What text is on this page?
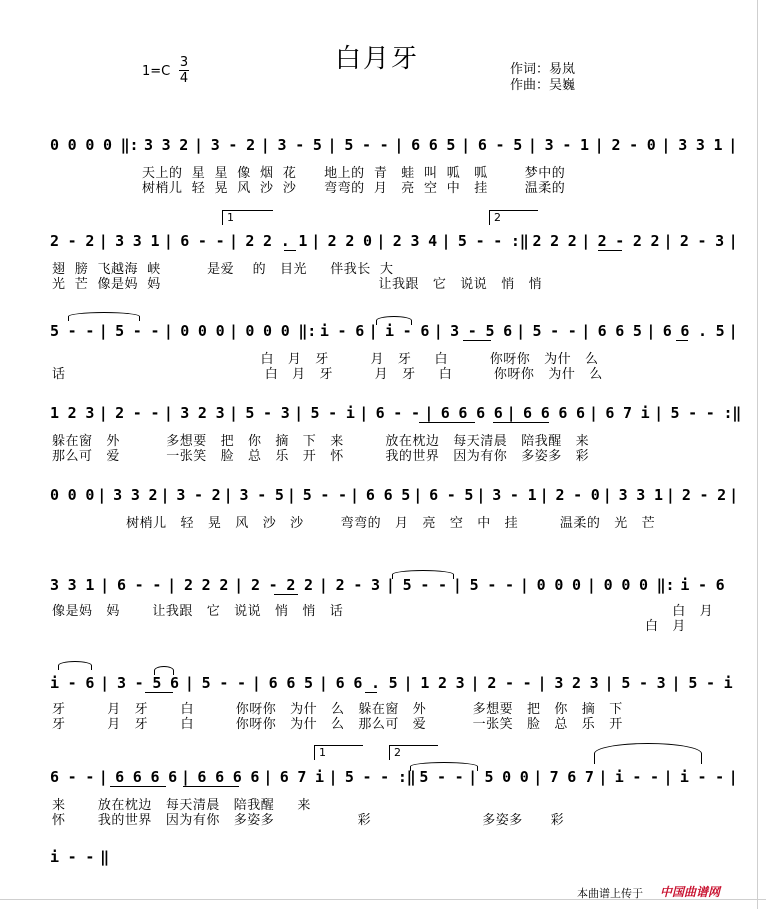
白月牙
1=C
3
4
作词：易岚
作曲：吴巍
0 0 0 0 ‖: 3 3 2 | 3 - 2 | 3 - 5 | 5 - - | 6 6 5 | 6 - 5 | 3 - 1 | 2 - 0 | 3 3 1 |
天上的  星  星  像  烟  花      地上的  青   蛙  叫  呱   呱        梦中的
树梢儿  轻  晃  风  沙  沙      弯弯的  月   亮  空  中   挂        温柔的
1	2
2 - 2 | 3 3 1 | 6 - - | 2 2 . 1 | 2 2 0 | 2 3 4 | 5 - - :‖ 2 2 2 | 2 - 2 2 | 2 - 3 |
翅  膀  飞越海  峡          是爱    的   目光     伴我长  大
光  芒  像是妈  妈                                               让我跟   它   说说   悄   悄
5 - - | 5 - - | 0 0 0 | 0 0 0 ‖: i - 6 | i - 6 | 3 - 5 6 | 5 - - | 6 6 5 | 6 6 . 5 |
白   月   牙         月   牙     白         你呀你   为什   么
话                                           白   月   牙         月   牙     白         你呀你   为什   么
1 2 3 | 2 - - | 3 2 3 | 5 - 3 | 5 - i | 6 - - | 6 6 6 6 | 6 6 6 6 | 6 7 i | 5 - - :‖
躲在窗   外          多想要   把   你   摘   下   来         放在枕边   每天清晨   陪我醒   来
那么可   爱          一张笑   脸   总   乐   开   怀         我的世界   因为有你   多姿多   彩
0 0 0 | 3 3 2 | 3 - 2 | 3 - 5 | 5 - - | 6 6 5 | 6 - 5 | 3 - 1 | 2 - 0 | 3 3 1 | 2 - 2 |
树梢儿   轻   晃   风   沙   沙        弯弯的   月   亮   空   中   挂         温柔的   光   芒
3 3 1 | 6 - - | 2 2 2 | 2 - 2 2 | 2 - 3 | 5 - - | 5 - - | 0 0 0 | 0 0 0 ‖: i - 6
像是妈   妈       让我跟   它   说说   悄   悄   话                                                                       白   月
白   月
i - 6 | 3 - 5 6 | 5 - - | 6 6 5 | 6 6 . 5 | 1 2 3 | 2 - - | 3 2 3 | 5 - 3 | 5 - i
牙         月   牙       白         你呀你   为什   么   躲在窗   外          多想要   把   你   摘   下
牙         月   牙       白         你呀你   为什   么   那么可   爱          一张笑   脸   总   乐   开
1	2
6 - - | 6 6 6 6 | 6 6 6 6 | 6 7 i | 5 - - :‖ 5 - - | 5 0 0 | 7 6 7 | i - - | i - - |
来       放在枕边   每天清晨   陪我醒     来
怀       我的世界   因为有你   多姿多                  彩                        多姿多      彩
i - - ‖
本曲谱上传于 中国曲谱网
